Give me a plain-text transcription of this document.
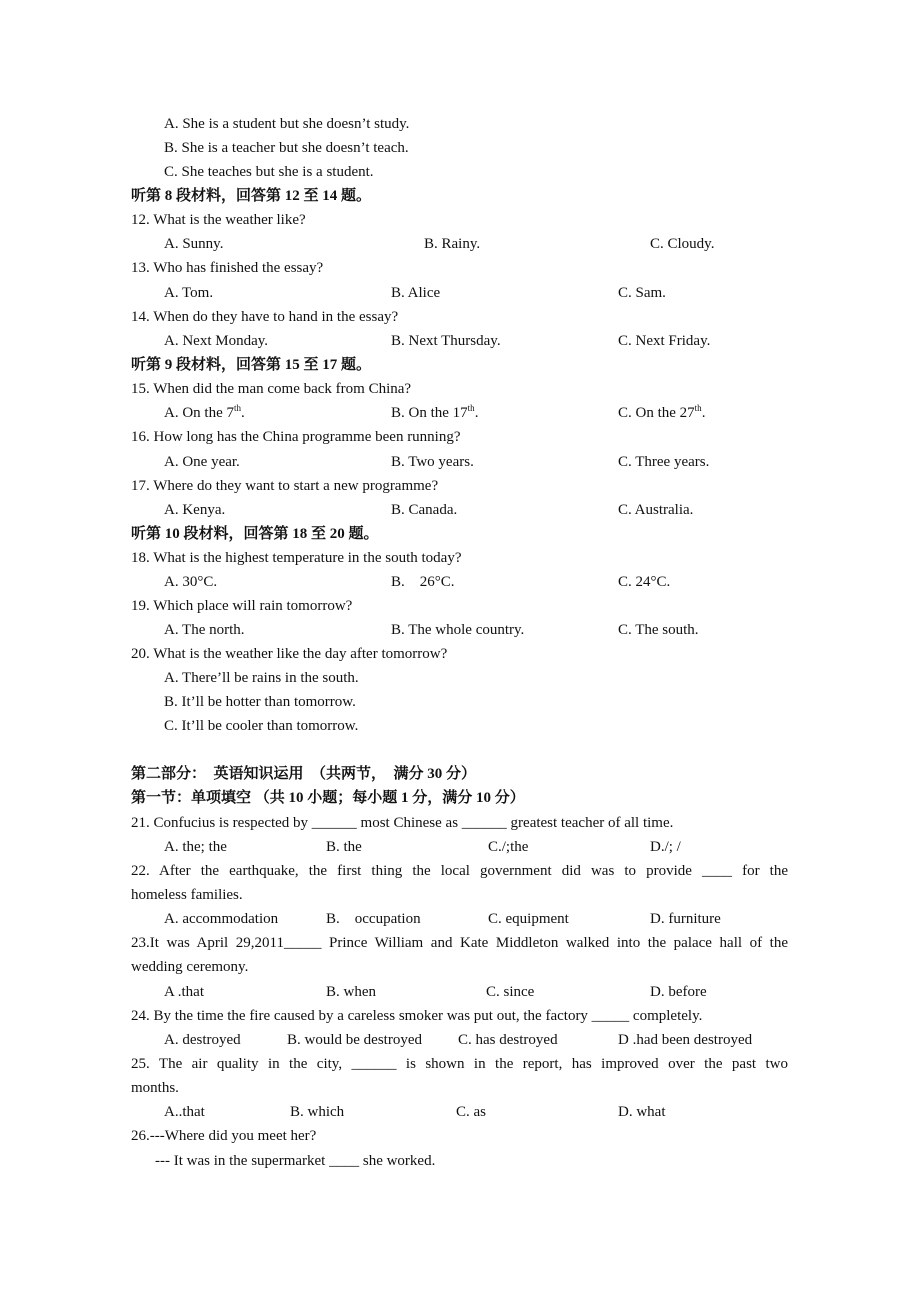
A. She is a student but she doesn’t study.
B. She is a teacher but she doesn’t teach.
C. She teaches but she is a student.
听第 8 段材料，回答第 12 至 14 题。
12. What is the weather like?
A. Sunny.	B. Rainy.	C. Cloudy.
13. Who has finished the essay?
A. Tom.	B. Alice	C. Sam.
14. When do they have to hand in the essay?
A. Next Monday.	B. Next Thursday.	C. Next Friday.
听第 9 段材料，回答第 15 至 17 题。
15. When did the man come back from China?
A. On the 7th.	B. On the 17th.	C. On the 27th.
16. How long has the China programme been running?
A. One year.	B. Two years.	C. Three years.
17. Where do they want to start a new programme?
A. Kenya.	B. Canada.	C. Australia.
听第 10 段材料，回答第 18 至 20 题。
18. What is the highest temperature in the south today?
A. 30°C.	B.    26°C.	C. 24°C.
19. Which place will rain tomorrow?
A. The north.	B. The whole country.	C. The south.
20. What is the weather like the day after tomorrow?
A. There’ll be rains in the south.
B. It’ll be hotter than tomorrow.
C. It’ll be cooler than tomorrow.
第二部分：  英语知识运用  （共两节，  满分 30 分）
第一节：单项填空 （共 10 小题；每小题 1 分，满分 10 分）
21. Confucius is respected by ______ most Chinese as ______ greatest teacher of all time.
A. the; the	B. the	C./;the	D./; /
22. After the earthquake, the first thing the local government did was to provide ____ for the
homeless families.
A. accommodation	B.    occupation	C. equipment	D. furniture
23.It was April 29,2011_____ Prince William and Kate Middleton walked into the palace hall of the
wedding ceremony.
A .that	B. when	C. since	D. before
24. By the time the fire caused by a careless smoker was put out, the factory _____ completely.
A. destroyed	B. would be destroyed C. has destroyed	D .had been destroyed
25. The air quality in the city, ______ is shown in the report, has improved over the past two
months.
A..that	B. which	C. as	D. what
26.---Where did you meet her?
--- It was in the supermarket ____ she worked.
